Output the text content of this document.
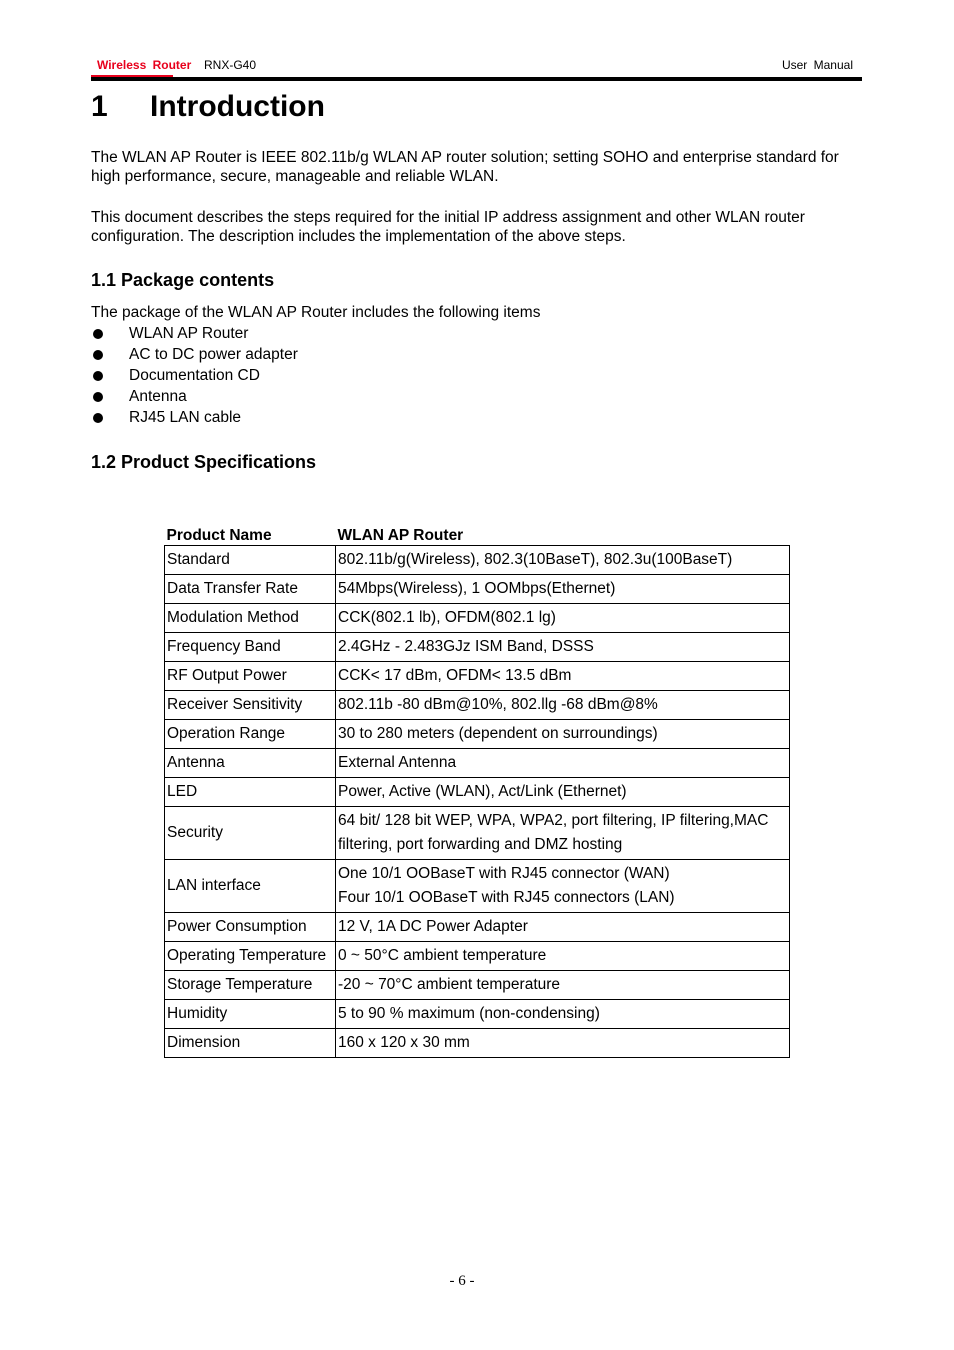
Wireless Router RNX-G40	User Manual
1 Introduction
The WLAN AP Router is IEEE 802.11b/g WLAN AP router solution; setting SOHO and enterprise standard for high performance, secure, manageable and reliable WLAN.
This document describes the steps required for the initial IP address assignment and other WLAN router configuration. The description includes the implementation of the above steps.
1.1 Package contents
The package of the WLAN AP Router includes the following items
WLAN AP Router
AC to DC power adapter
Documentation CD
Antenna
RJ45 LAN cable
1.2 Product Specifications
Product Name	WLAN AP Router
Standard	802.11b/g(Wireless), 802.3(10BaseT), 802.3u(100BaseT)
Data Transfer Rate	54Mbps(Wireless), 1 OOMbps(Ethernet)
Modulation Method	CCK(802.1 lb), OFDM(802.1 lg)
Frequency Band	2.4GHz - 2.483GJz ISM Band, DSSS
RF Output Power	CCK< 17 dBm, OFDM< 13.5 dBm
Receiver Sensitivity	802.11b -80 dBm@10%, 802.llg -68 dBm@8%
Operation Range	30 to 280 meters (dependent on surroundings)
Antenna	External Antenna
LED	Power, Active (WLAN), Act/Link (Ethernet)
Security	64 bit/ 128 bit WEP, WPA, WPA2, port filtering, IP filtering,MAC
filtering, port forwarding and DMZ hosting

LAN interface	One 10/1 OOBaseT with RJ45 connector (WAN)
Four 10/1 OOBaseT with RJ45 connectors (LAN)

Power Consumption	12 V, 1A DC Power Adapter
Operating Temperature	0 ~ 50°C ambient temperature
Storage Temperature	-20 ~ 70°C ambient temperature
Humidity	5 to 90 % maximum (non-condensing)
Dimension	160 x 120 x 30 mm
- 6 -
